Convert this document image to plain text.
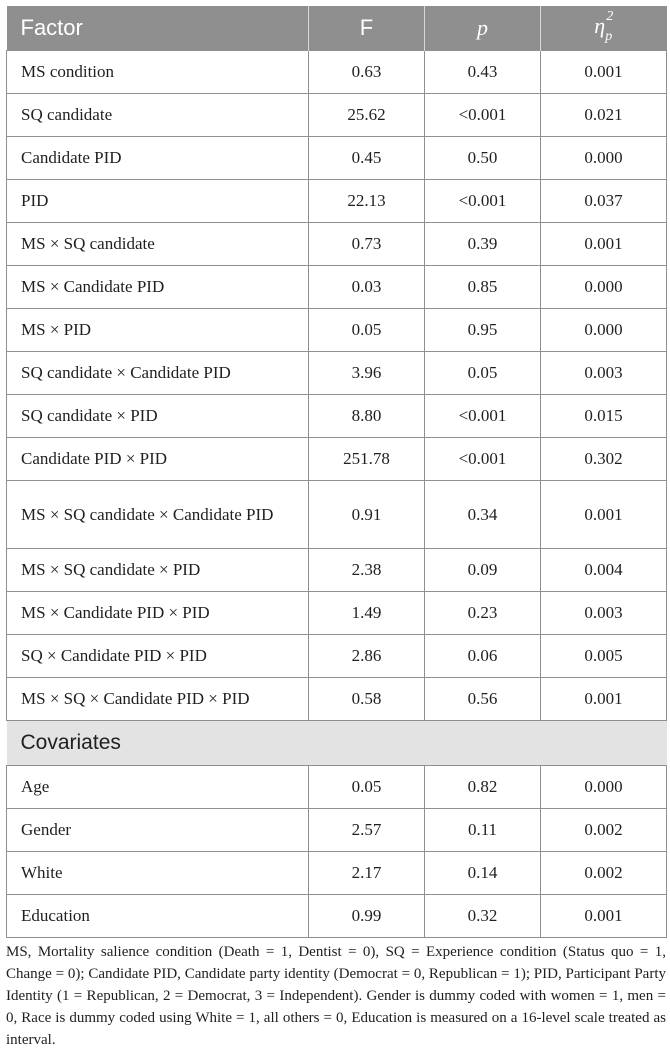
Factor	F	p	$\eta_p^2$
MS condition	0.63	0.43	0.001
SQ candidate	25.62	<0.001	0.021
Candidate PID	0.45	0.50	0.000
PID	22.13	<0.001	0.037
MS × SQ candidate	0.73	0.39	0.001
MS × Candidate PID	0.03	0.85	0.000
MS × PID	0.05	0.95	0.000
SQ candidate × Candidate PID	3.96	0.05	0.003
SQ candidate × PID	8.80	<0.001	0.015
Candidate PID × PID	251.78	<0.001	0.302
MS × SQ candidate × Candidate PID	0.91	0.34	0.001
MS × SQ candidate × PID	2.38	0.09	0.004
MS × Candidate PID × PID	1.49	0.23	0.003
SQ × Candidate PID × PID	2.86	0.06	0.005
MS × SQ × Candidate PID × PID	0.58	0.56	0.001
Covariates			
Age	0.05	0.82	0.000
Gender	2.57	0.11	0.002
White	2.17	0.14	0.002
Education	0.99	0.32	0.001
MS, Mortality salience condition (Death = 1, Dentist = 0), SQ = Experience condition (Status quo = 1, Change = 0); Candidate PID, Candidate party identity (Democrat = 0, Republican = 1); PID, Participant Party Identity (1 = Republican, 2 = Democrat, 3 = Independent). Gender is dummy coded with women = 1, men = 0, Race is dummy coded using White = 1, all others = 0, Education is measured on a 16-level scale treated as interval.
